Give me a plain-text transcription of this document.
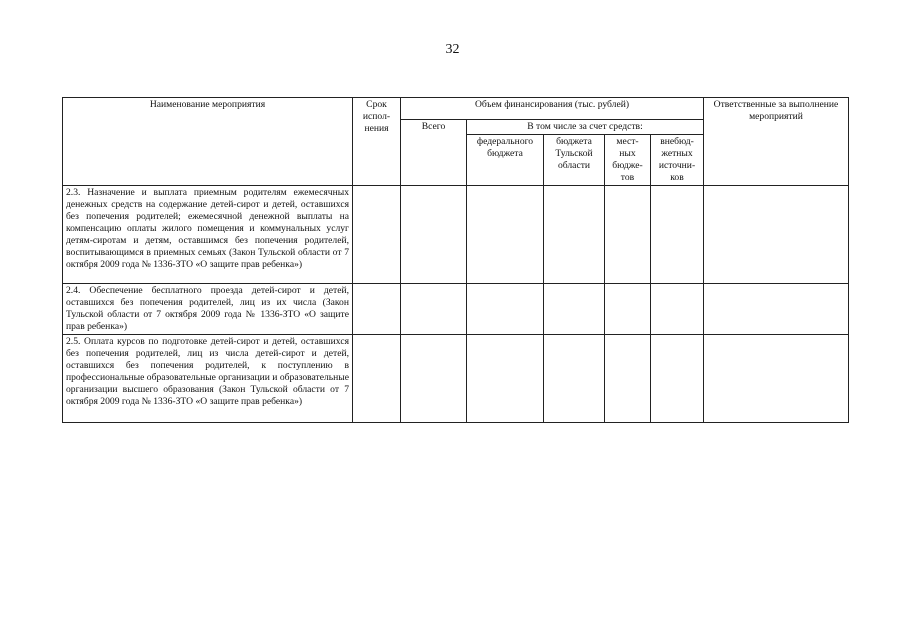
32
Наименование мероприятия	Срок испол- нения	Объем финансирования (тыс. рублей)					Ответственные за выполнение мероприятий
		Всего	В том числе за счет средств:				
			федерального бюджета	бюджета Тульской области	мест- ных бюдже- тов	внебюд- жетных источни- ков	
2.3. Назначение и выплата приемным родителям ежемесячных денежных средств на содержание детей-сирот и детей, оставшихся без попечения родителей; ежемесячной денежной выплаты на компенсацию оплаты жилого помещения и коммунальных услуг детям-сиротам и детям, оставшимся без попечения родителей, воспитывающимся в приемных семьях (Закон Тульской области от 7 октября 2009 года № 1336-ЗТО «О защите прав ребенка»)							
2.4. Обеспечение бесплатного проезда детей-сирот и детей, оставшихся без попечения родителей, лиц из их числа (Закон Тульской области от 7 октября 2009 года № 1336-ЗТО «О защите прав ребенка»)							
2.5. Оплата курсов по подготовке детей-сирот и детей, оставшихся без попечения родителей, лиц из числа детей-сирот и детей, оставшихся без попечения родителей, к поступлению в профессиональные образовательные организации и образовательные организации высшего образования (Закон Тульской области от 7 октября 2009 года № 1336-ЗТО «О защите прав ребенка»)							
